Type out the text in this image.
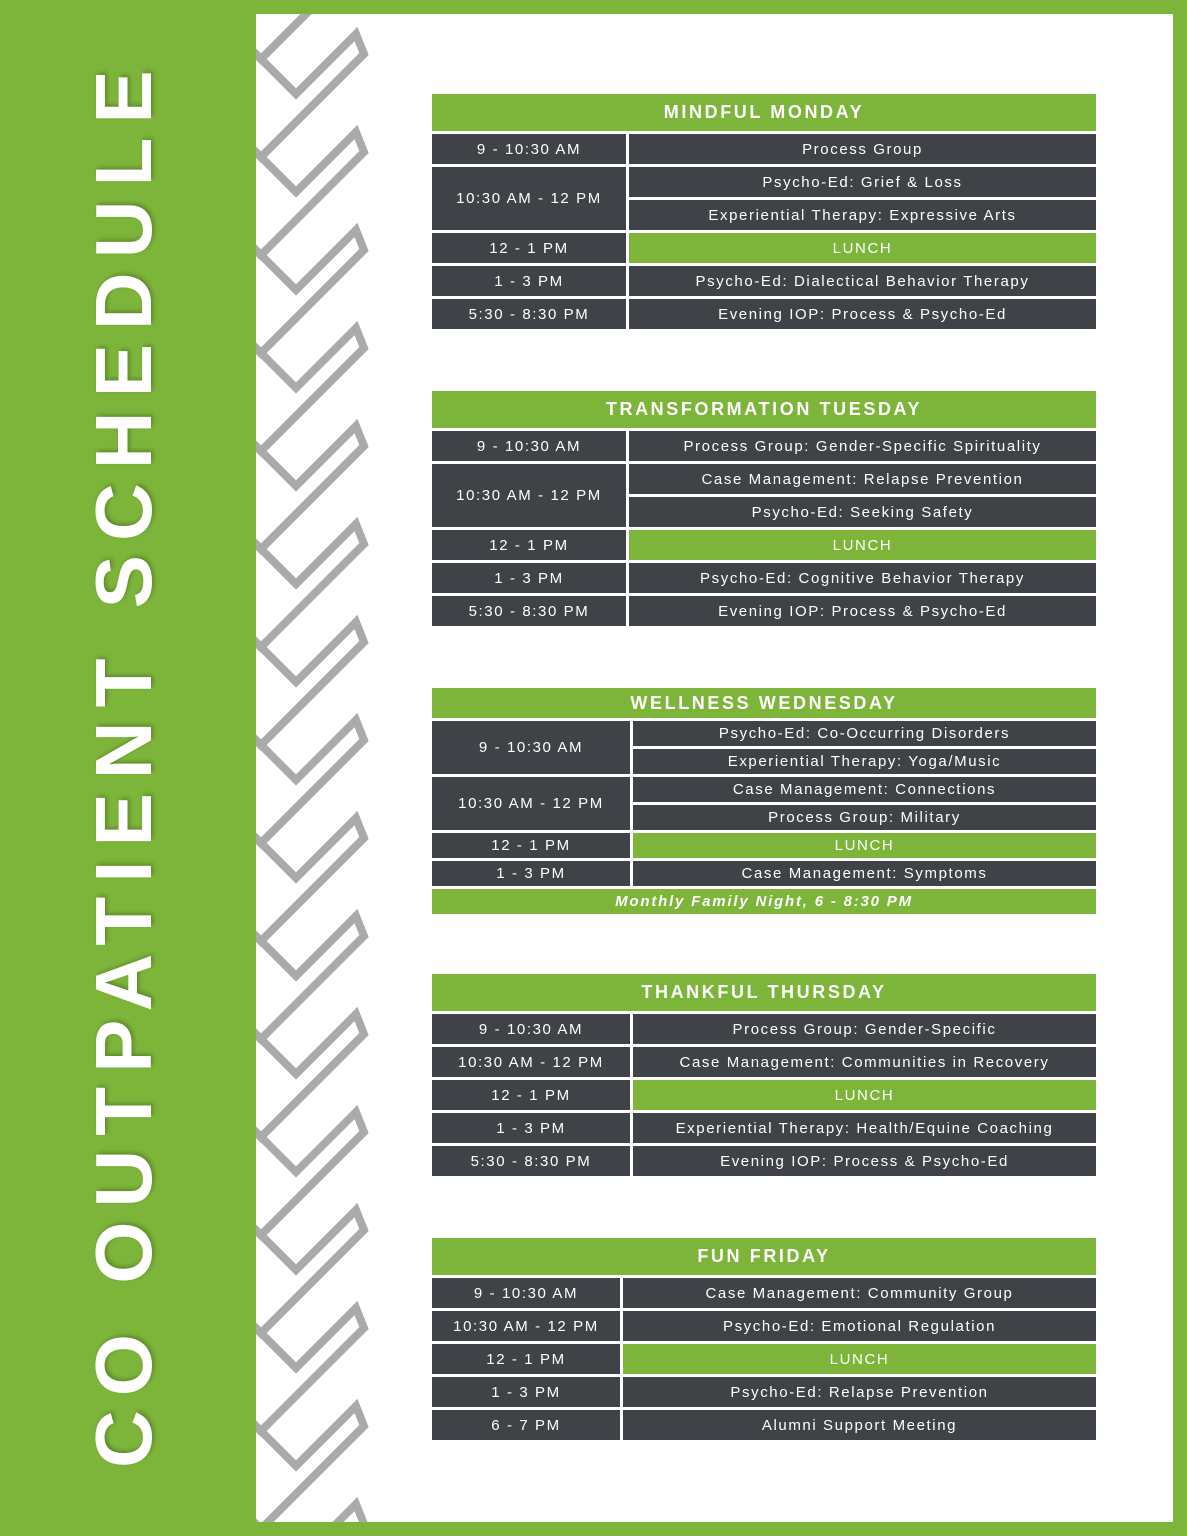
CO OUTPATIENT SCHEDULE	MINDFUL MONDAY
9 - 10:30 AM	Process Group
10:30 AM - 12 PM
Psycho-Ed: Grief & Loss
Experiential Therapy: Expressive Arts
12 - 1 PM	LUNCH
1 - 3 PM	Psycho-Ed: Dialectical Behavior Therapy
5:30 - 8:30 PM	Evening IOP: Process & Psycho-Ed
TRANSFORMATION TUESDAY
9 - 10:30 AM	Process Group: Gender-Specific Spirituality
10:30 AM - 12 PM
Case Management: Relapse Prevention
Psycho-Ed: Seeking Safety
12 - 1 PM	LUNCH
1 - 3 PM	Psycho-Ed: Cognitive Behavior Therapy
5:30 - 8:30 PM	Evening IOP: Process & Psycho-Ed
WELLNESS WEDNESDAY
9 - 10:30 AM
Psycho-Ed: Co-Occurring Disorders
Experiential Therapy: Yoga/Music
10:30 AM - 12 PM
Case Management: Connections
Process Group: Military
12 - 1 PM	LUNCH
1 - 3 PM	Case Management: Symptoms
Monthly Family Night, 6 - 8:30 PM
THANKFUL THURSDAY
9 - 10:30 AM	Process Group: Gender-Specific
10:30 AM - 12 PM	Case Management: Communities in Recovery
12 - 1 PM	LUNCH
1 - 3 PM	Experiential Therapy: Health/Equine Coaching
5:30 - 8:30 PM	Evening IOP: Process & Psycho-Ed
FUN FRIDAY
9 - 10:30 AM	Case Management: Community Group
10:30 AM - 12 PM	Psycho-Ed: Emotional Regulation
12 - 1 PM	LUNCH
1 - 3 PM	Psycho-Ed: Relapse Prevention
6 - 7 PM	Alumni Support Meeting
